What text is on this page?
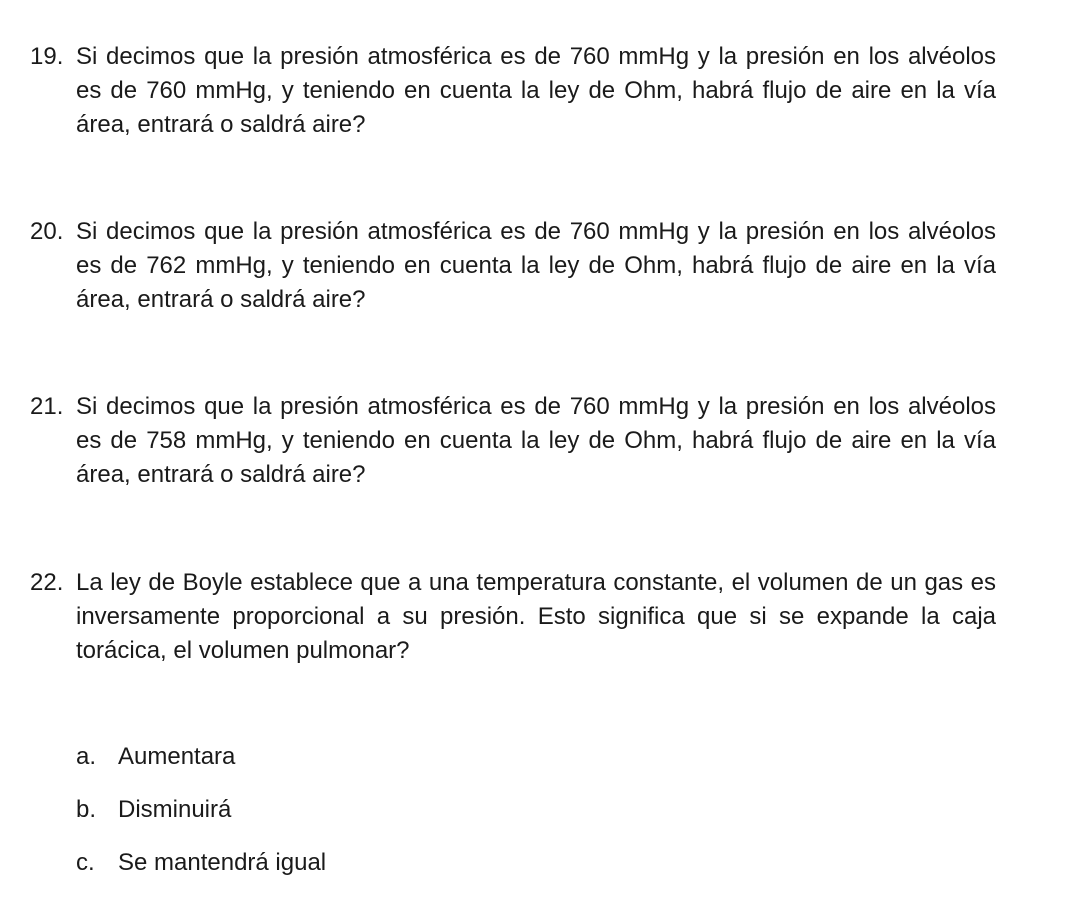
19. Si decimos que la presión atmosférica es de 760 mmHg y la presión en los alvéolos es de 760 mmHg, y teniendo en cuenta la ley de Ohm, habrá flujo de aire en la vía área, entrará o saldrá aire?
20. Si decimos que la presión atmosférica es de 760 mmHg y la presión en los alvéolos es de 762 mmHg, y teniendo en cuenta la ley de Ohm, habrá flujo de aire en la vía área, entrará o saldrá aire?
21. Si decimos que la presión atmosférica es de 760 mmHg y la presión en los alvéolos es de 758 mmHg, y teniendo en cuenta la ley de Ohm, habrá flujo de aire en la vía área, entrará o saldrá aire?
22. La ley de Boyle establece que a una temperatura constante, el volumen de un gas es inversamente proporcional a su presión. Esto significa que si se expande la caja torácica, el volumen pulmonar?
a. Aumentara
b. Disminuirá
c. Se mantendrá igual
